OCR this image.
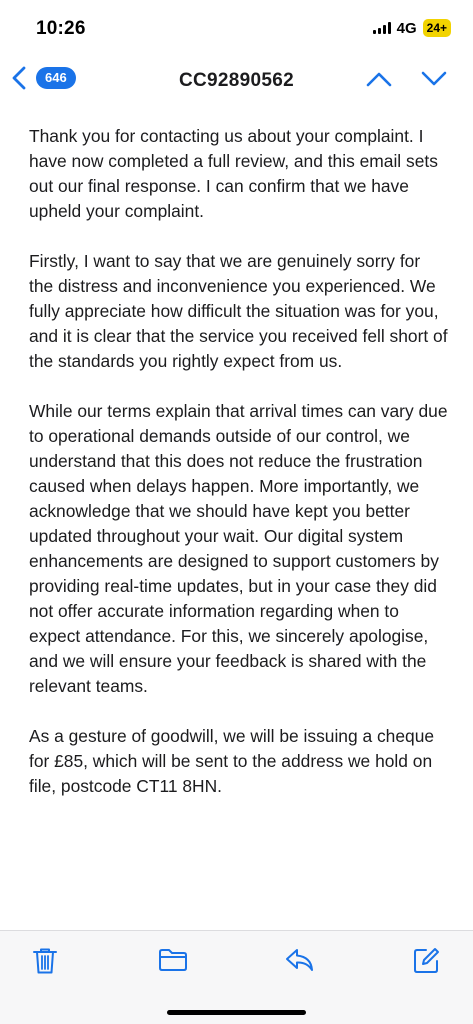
10:26	4G 24+
646	CC92890562

Thank you for contacting us about your complaint. I have now completed a full review, and this email sets out our final response. I can confirm that we have upheld your complaint.

Firstly, I want to say that we are genuinely sorry for the distress and inconvenience you experienced. We fully appreciate how difficult the situation was for you, and it is clear that the service you received fell short of the standards you rightly expect from us.

While our terms explain that arrival times can vary due to operational demands outside of our control, we understand that this does not reduce the frustration caused when delays happen. More importantly, we acknowledge that we should have kept you better updated throughout your wait. Our digital system enhancements are designed to support customers by providing real-time updates, but in your case they did not offer accurate information regarding when to expect attendance. For this, we sincerely apologise, and we will ensure your feedback is shared with the relevant teams.

As a gesture of goodwill, we will be issuing a cheque for £85, which will be sent to the address we hold on file, postcode CT11 8HN.
